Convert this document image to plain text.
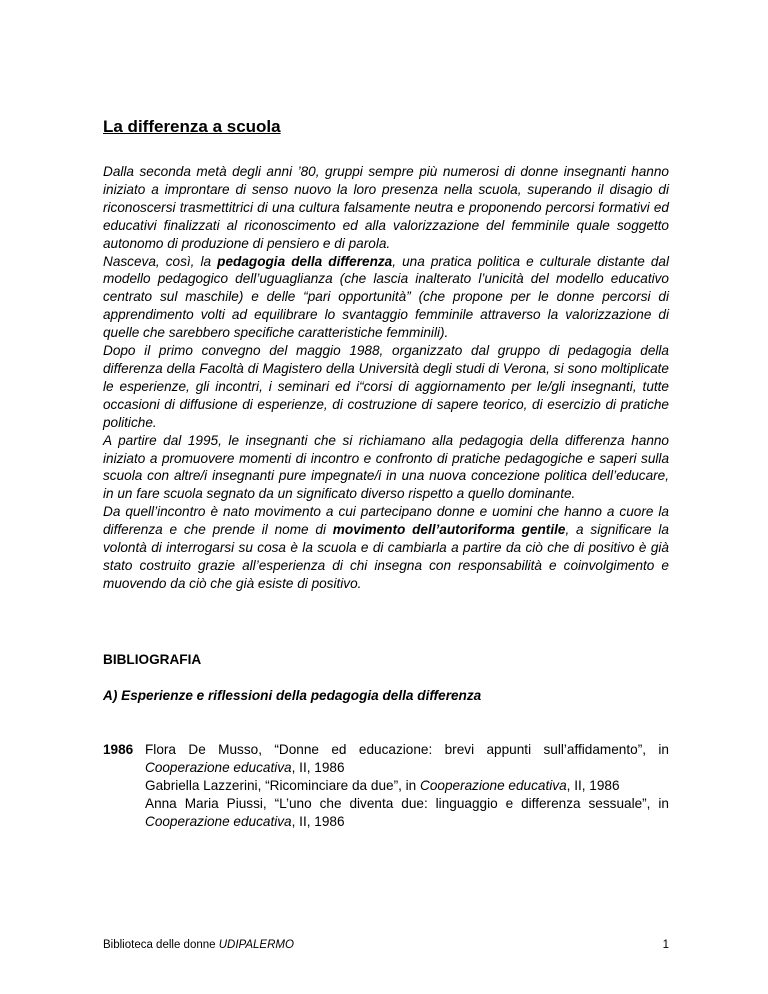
La differenza a scuola

Dalla seconda metà degli anni ’80, gruppi sempre più numerosi di donne insegnanti hanno iniziato a improntare di senso nuovo la loro presenza nella scuola, superando il disagio di riconoscersi trasmettitrici di una cultura falsamente neutra e proponendo percorsi formativi ed educativi finalizzati al riconoscimento ed alla valorizzazione del femminile quale soggetto autonomo di produzione di pensiero e di parola.

Nasceva, così, la pedagogia della differenza, una pratica politica e culturale distante dal modello pedagogico dell’uguaglianza (che lascia inalterato l’unicità del modello educativo centrato sul maschile) e delle “pari opportunità” (che propone per le donne percorsi di apprendimento volti ad equilibrare lo svantaggio femminile attraverso la valorizzazione di quelle che sarebbero specifiche caratteristiche femminili).

Dopo il primo convegno del maggio 1988, organizzato dal gruppo di pedagogia della differenza della Facoltà di Magistero della Università degli studi di Verona, si sono moltiplicate le esperienze, gli incontri, i seminari ed i“corsi di aggiornamento per le/gli insegnanti, tutte occasioni di diffusione di esperienze, di costruzione di sapere teorico, di esercizio di pratiche politiche.

A partire dal 1995, le insegnanti che si richiamano alla pedagogia della differenza hanno iniziato a promuovere momenti di incontro e confronto di pratiche pedagogiche e saperi sulla scuola con altre/i insegnanti pure impegnate/i in una nuova concezione politica dell’educare, in un fare scuola segnato da un significato diverso rispetto a quello dominante.

Da quell’incontro è nato movimento a cui partecipano donne e uomini che hanno a cuore la differenza e che prende il nome di movimento dell’autoriforma gentile, a significare la volontà di interrogarsi su cosa è la scuola e di cambiarla a partire da ciò che di positivo è già stato costruito grazie all’esperienza di chi insegna con responsabilità e coinvolgimento e muovendo da ciò che già esiste di positivo.

BIBLIOGRAFIA
A) Esperienze e riflessioni della pedagogia della differenza
1986 Flora De Musso, “Donne ed educazione: brevi appunti sull’affidamento”, in Cooperazione educativa, II, 1986

Gabriella Lazzerini, “Ricominciare da due”, in Cooperazione educativa, II, 1986

Anna Maria Piussi, “L’uno che diventa due: linguaggio e differenza sessuale”, in Cooperazione educativa, II, 1986

Biblioteca delle donne UDIPALERMO	1
